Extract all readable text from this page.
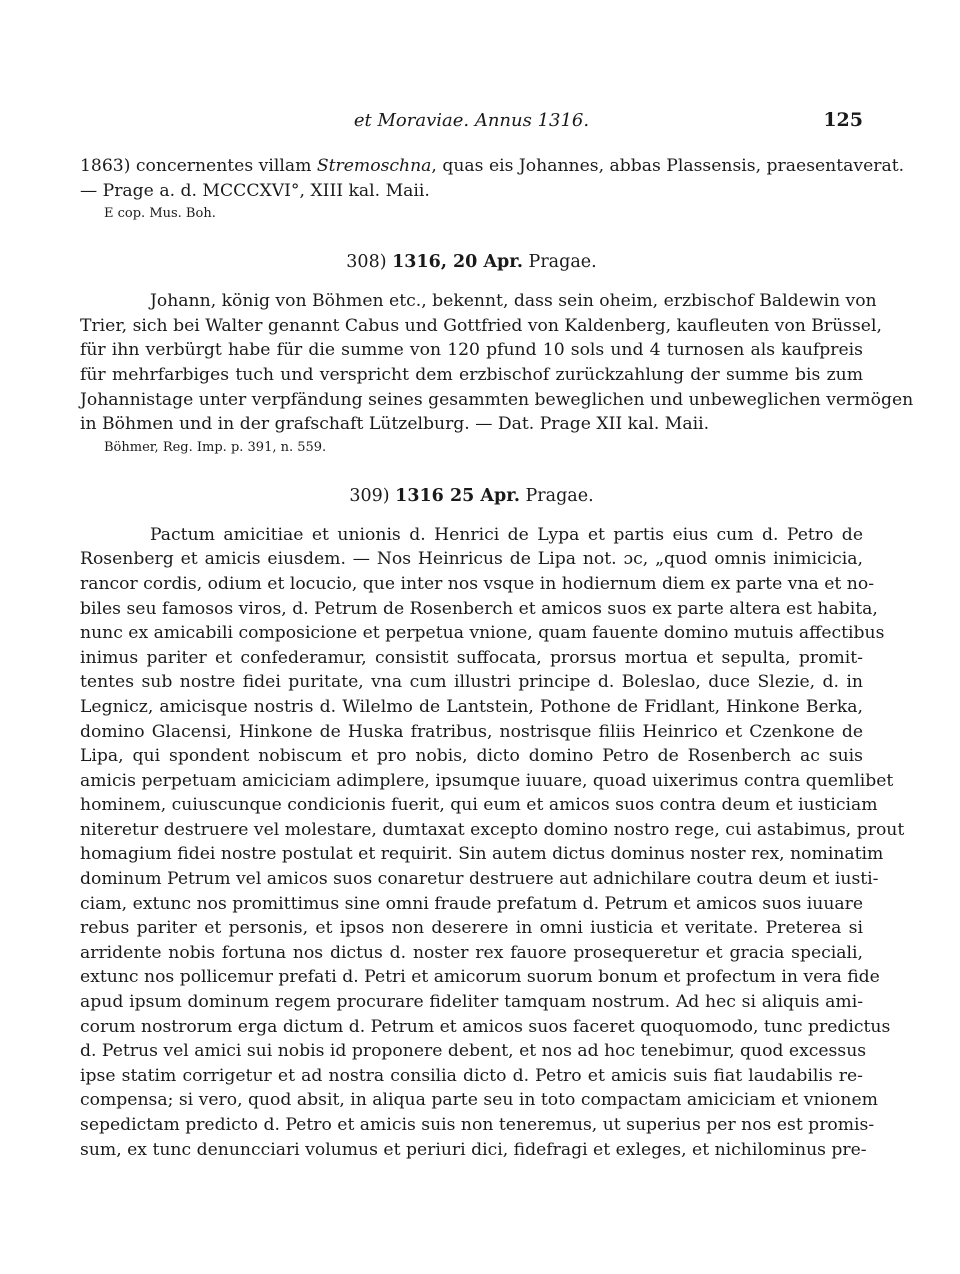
et Moraviae. Annus 1316.	125
1863) concernentes villam Stremoschna, quas eis Johannes, abbas Plassensis, praesentaverat.
— Prage a. d. MCCCXVI°, XIII kal. Maii.
E cop. Mus. Boh.
308) 1316, 20 Apr. Pragae.
Johann, könig von Böhmen etc., bekennt, dass sein oheim, erzbischof Baldewin von
Trier, sich bei Walter genannt Cabus und Gottfried von Kaldenberg, kaufleuten von Brüssel,
für ihn verbürgt habe für die summe von 120 pfund 10 sols und 4 turnosen als kaufpreis
für mehrfarbiges tuch und verspricht dem erzbischof zurückzahlung der summe bis zum
Johannistage unter verpfändung seines gesammten beweglichen und unbeweglichen vermögen
in Böhmen und in der grafschaft Lützelburg. — Dat. Prage XII kal. Maii.
Böhmer, Reg. Imp. p. 391, n. 559.
309) 1316 25 Apr. Pragae.
Pactum amicitiae et unionis d. Henrici de Lypa et partis eius cum d. Petro de
Rosenberg et amicis eiusdem. — Nos Heinricus de Lipa not. ɔc, „quod omnis inimicicia,
rancor cordis, odium et locucio, que inter nos vsque in hodiernum diem ex parte vna et no-
biles seu famosos viros, d. Petrum de Rosenberch et amicos suos ex parte altera est habita,
nunc ex amicabili composicione et perpetua vnione, quam fauente domino mutuis affectibus
inimus pariter et confederamur, consistit suffocata, prorsus mortua et sepulta, promit-
tentes sub nostre fidei puritate, vna cum illustri principe d. Boleslao, duce Slezie, d. in
Legnicz, amicisque nostris d. Wilelmo de Lantstein, Pothone de Fridlant, Hinkone Berka,
domino Glacensi, Hinkone de Huska fratribus, nostrisque filiis Heinrico et Czenkone de
Lipa, qui spondent nobiscum et pro nobis, dicto domino Petro de Rosenberch ac suis
amicis perpetuam amiciciam adimplere, ipsumque iuuare, quoad uixerimus contra quemlibet
hominem, cuiuscunque condicionis fuerit, qui eum et amicos suos contra deum et iusticiam
niteretur destruere vel molestare, dumtaxat excepto domino nostro rege, cui astabimus, prout
homagium fidei nostre postulat et requirit. Sin autem dictus dominus noster rex, nominatim
dominum Petrum vel amicos suos conaretur destruere aut adnichilare coutra deum et iusti-
ciam, extunc nos promittimus sine omni fraude prefatum d. Petrum et amicos suos iuuare
rebus pariter et personis, et ipsos non deserere in omni iusticia et veritate. Preterea si
arridente nobis fortuna nos dictus d. noster rex fauore prosequeretur et gracia speciali,
extunc nos pollicemur prefati d. Petri et amicorum suorum bonum et profectum in vera fide
apud ipsum dominum regem procurare fideliter tamquam nostrum. Ad hec si aliquis ami-
corum nostrorum erga dictum d. Petrum et amicos suos faceret quoquomodo, tunc predictus
d. Petrus vel amici sui nobis id proponere debent, et nos ad hoc tenebimur, quod excessus
ipse statim corrigetur et ad nostra consilia dicto d. Petro et amicis suis fiat laudabilis re-
compensa; si vero, quod absit, in aliqua parte seu in toto compactam amiciciam et vnionem
sepedictam predicto d. Petro et amicis suis non teneremus, ut superius per nos est promis-
sum, ex tunc denuncciari volumus et periuri dici, fidefragi et exleges, et nichilominus pre-
